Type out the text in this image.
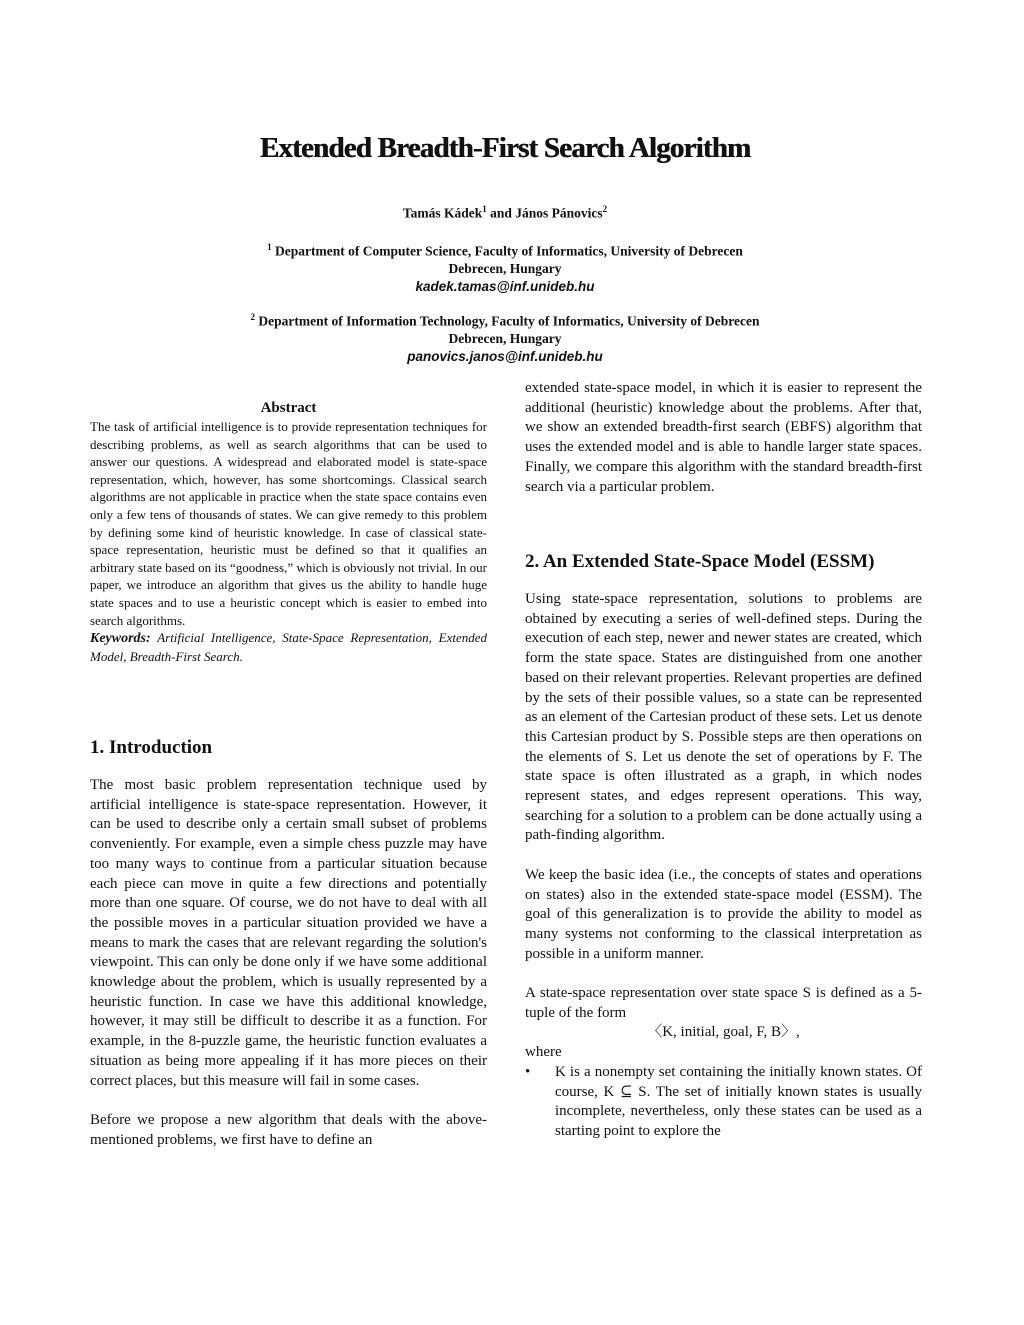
Extended Breadth-First Search Algorithm
Tamás Kádek$^1$ and János Pánovics$^2$
$^1$ Department of Computer Science, Faculty of Informatics, University of Debrecen
Debrecen, Hungary
kadek.tamas@inf.unideb.hu
$^2$ Department of Information Technology, Faculty of Informatics, University of Debrecen
Debrecen, Hungary
panovics.janos@inf.unideb.hu
Abstract

The task of artificial intelligence is to provide representation techniques for describing problems, as well as search algorithms that can be used to answer our questions. A widespread and elaborated model is state-space representation, which, however, has some shortcomings. Classical search algorithms are not applicable in practice when the state space contains even only a few tens of thousands of states. We can give remedy to this problem by defining some kind of heuristic knowledge. In case of classical state-space representation, heuristic must be defined so that it qualifies an arbitrary state based on its “goodness,” which is obviously not trivial. In our paper, we introduce an algorithm that gives us the ability to handle huge state spaces and to use a heuristic concept which is easier to embed into search algorithms.

Keywords: Artificial Intelligence, State-Space Representation, Extended Model, Breadth-First Search.

1. Introduction

The most basic problem representation technique used by artificial intelligence is state-space representation. However, it can be used to describe only a certain small subset of problems conveniently. For example, even a simple chess puzzle may have too many ways to continue from a particular situation because each piece can move in quite a few directions and potentially more than one square. Of course, we do not have to deal with all the possible moves in a particular situation provided we have a means to mark the cases that are relevant regarding the solution's viewpoint. This can only be done only if we have some additional knowledge about the problem, which is usually represented by a heuristic function. In case we have this additional knowledge, however, it may still be difficult to describe it as a function. For example, in the 8-puzzle game, the heuristic function evaluates a situation as being more appealing if it has more pieces on their correct places, but this measure will fail in some cases.

Before we propose a new algorithm that deals with the above-mentioned problems, we first have to define an

extended state-space model, in which it is easier to represent the additional (heuristic) knowledge about the problems. After that, we show an extended breadth-first search (EBFS) algorithm that uses the extended model and is able to handle larger state spaces. Finally, we compare this algorithm with the standard breadth-first search via a particular problem.

2. An Extended State-Space Model (ESSM)

Using state-space representation, solutions to problems are obtained by executing a series of well-defined steps. During the execution of each step, newer and newer states are created, which form the state space. States are distinguished from one another based on their relevant properties. Relevant properties are defined by the sets of their possible values, so a state can be represented as an element of the Cartesian product of these sets. Let us denote this Cartesian product by S. Possible steps are then operations on the elements of S. Let us denote the set of operations by F. The state space is often illustrated as a graph, in which nodes represent states, and edges represent operations. This way, searching for a solution to a problem can be done actually using a path-finding algorithm.

We keep the basic idea (i.e., the concepts of states and operations on states) also in the extended state-space model (ESSM). The goal of this generalization is to provide the ability to model as many systems not conforming to the classical interpretation as possible in a uniform manner.

A state-space representation over state space S is defined as a 5-tuple of the form

〈K, initial, goal, F, B〉,

where

• K is a nonempty set containing the initially known states. Of course, K ⊆ S. The set of initially known states is usually incomplete, nevertheless, only these states can be used as a starting point to explore the
